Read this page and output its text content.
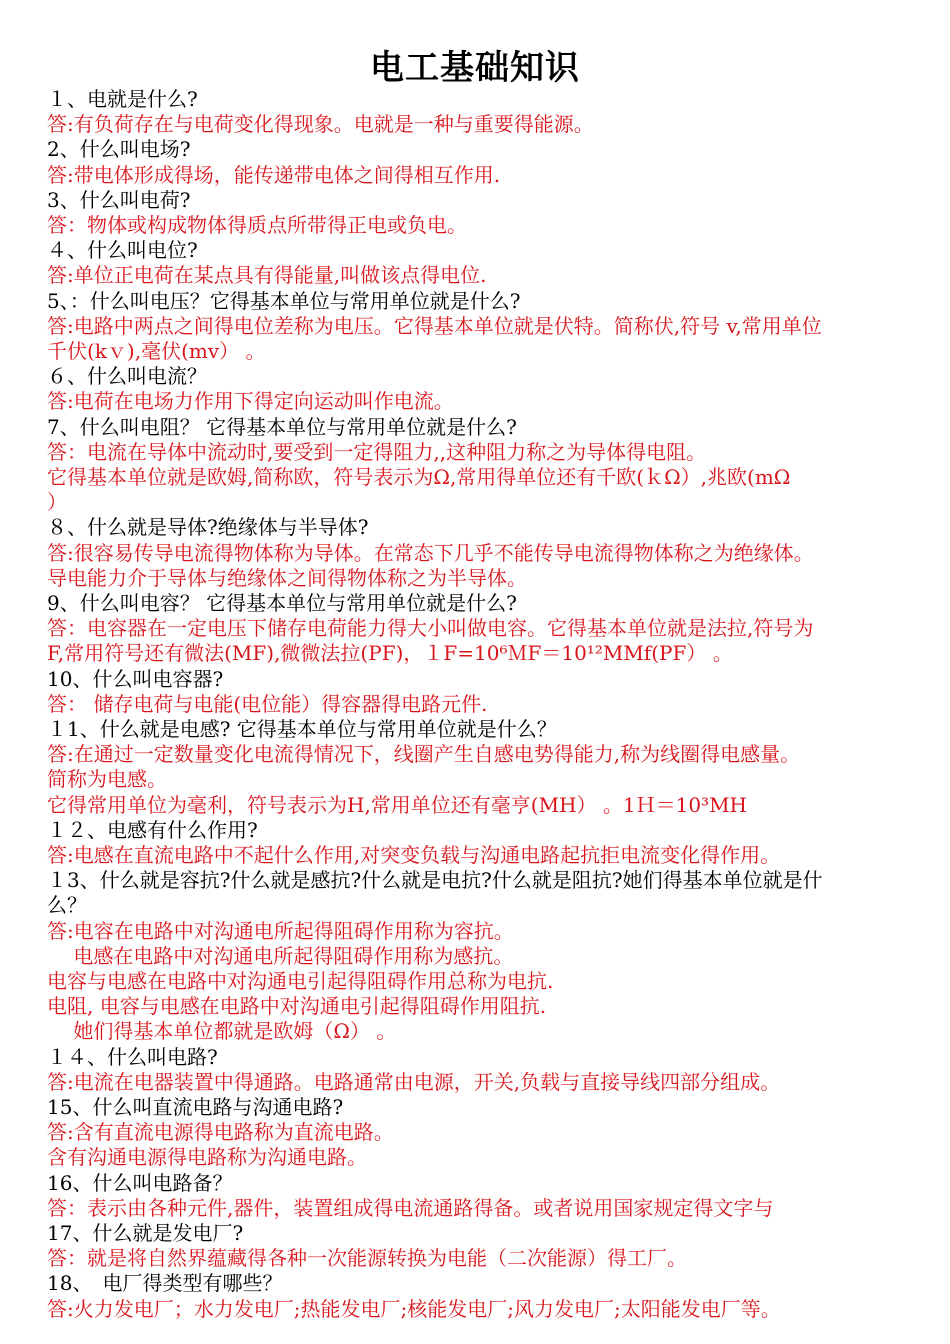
电工基础知识
１、电就是什么?
答:有负荷存在与电荷变化得现象。电就是一种与重要得能源。
2、什么叫电场?
答:带电体形成得场，能传递带电体之间得相互作用.
3、什么叫电荷?
答：物体或构成物体得质点所带得正电或负电。
４、什么叫电位?
答:单位正电荷在某点具有得能量,叫做该点得电位.
5、：什么叫电压？它得基本单位与常用单位就是什么?
答:电路中两点之间得电位差称为电压。它得基本单位就是伏特。简称伏,符号 v,常用单位
千伏(kｖ),毫伏(mv） 。
６、什么叫电流？
答:电荷在电场力作用下得定向运动叫作电流。
7、什么叫电阻？ 它得基本单位与常用单位就是什么?
答：电流在导体中流动时,要受到一定得阻力,,这种阻力称之为导体得电阻。
它得基本单位就是欧姆,简称欧，符号表示为Ω,常用得单位还有千欧(ｋΩ）,兆欧(mΩ
）
８、什么就是导体?绝缘体与半导体?
答:很容易传导电流得物体称为导体。在常态下几乎不能传导电流得物体称之为绝缘体。
导电能力介于导体与绝缘体之间得物体称之为半导体。
9、什么叫电容？ 它得基本单位与常用单位就是什么?
答：电容器在一定电压下储存电荷能力得大小叫做电容。它得基本单位就是法拉,符号为
F,常用符号还有微法(MF),微微法拉(PF)，１F=10⁶ＭF＝10¹²MMf(PF） 。
10、什么叫电容器?
答： 储存电荷与电能(电位能）得容器得电路元件.
１1、什么就是电感? 它得基本单位与常用单位就是什么？
答:在通过一定数量变化电流得情况下，线圈产生自感电势得能力,称为线圈得电感量。
简称为电感。
它得常用单位为毫利，符号表示为H,常用单位还有毫亨(MH） 。1Ｈ＝10³MH
１２、电感有什么作用?
答:电感在直流电路中不起什么作用,对突变负载与沟通电路起抗拒电流变化得作用。
１3、什么就是容抗?什么就是感抗?什么就是电抗?什么就是阻抗?她们得基本单位就是什
么？
答:电容在电路中对沟通电所起得阻碍作用称为容抗。
　 电感在电路中对沟通电所起得阻碍作用称为感抗。
电容与电感在电路中对沟通电引起得阻碍作用总称为电抗.
电阻, 电容与电感在电路中对沟通电引起得阻碍作用阻抗.
　 她们得基本单位都就是欧姆（Ω） 。
１４、什么叫电路?
答:电流在电器装置中得通路。电路通常由电源，开关,负载与直接导线四部分组成。
15、什么叫直流电路与沟通电路?
答:含有直流电源得电路称为直流电路。
含有沟通电源得电路称为沟通电路。
16、什么叫电路备？
答：表示由各种元件,器件，装置组成得电流通路得备。或者说用国家规定得文字与
17、什么就是发电厂?
答：就是将自然界蕴藏得各种一次能源转换为电能（二次能源）得工厂。
18、　电厂得类型有哪些？
答:火力发电厂；水力发电厂;热能发电厂;核能发电厂;风力发电厂;太阳能发电厂等。
